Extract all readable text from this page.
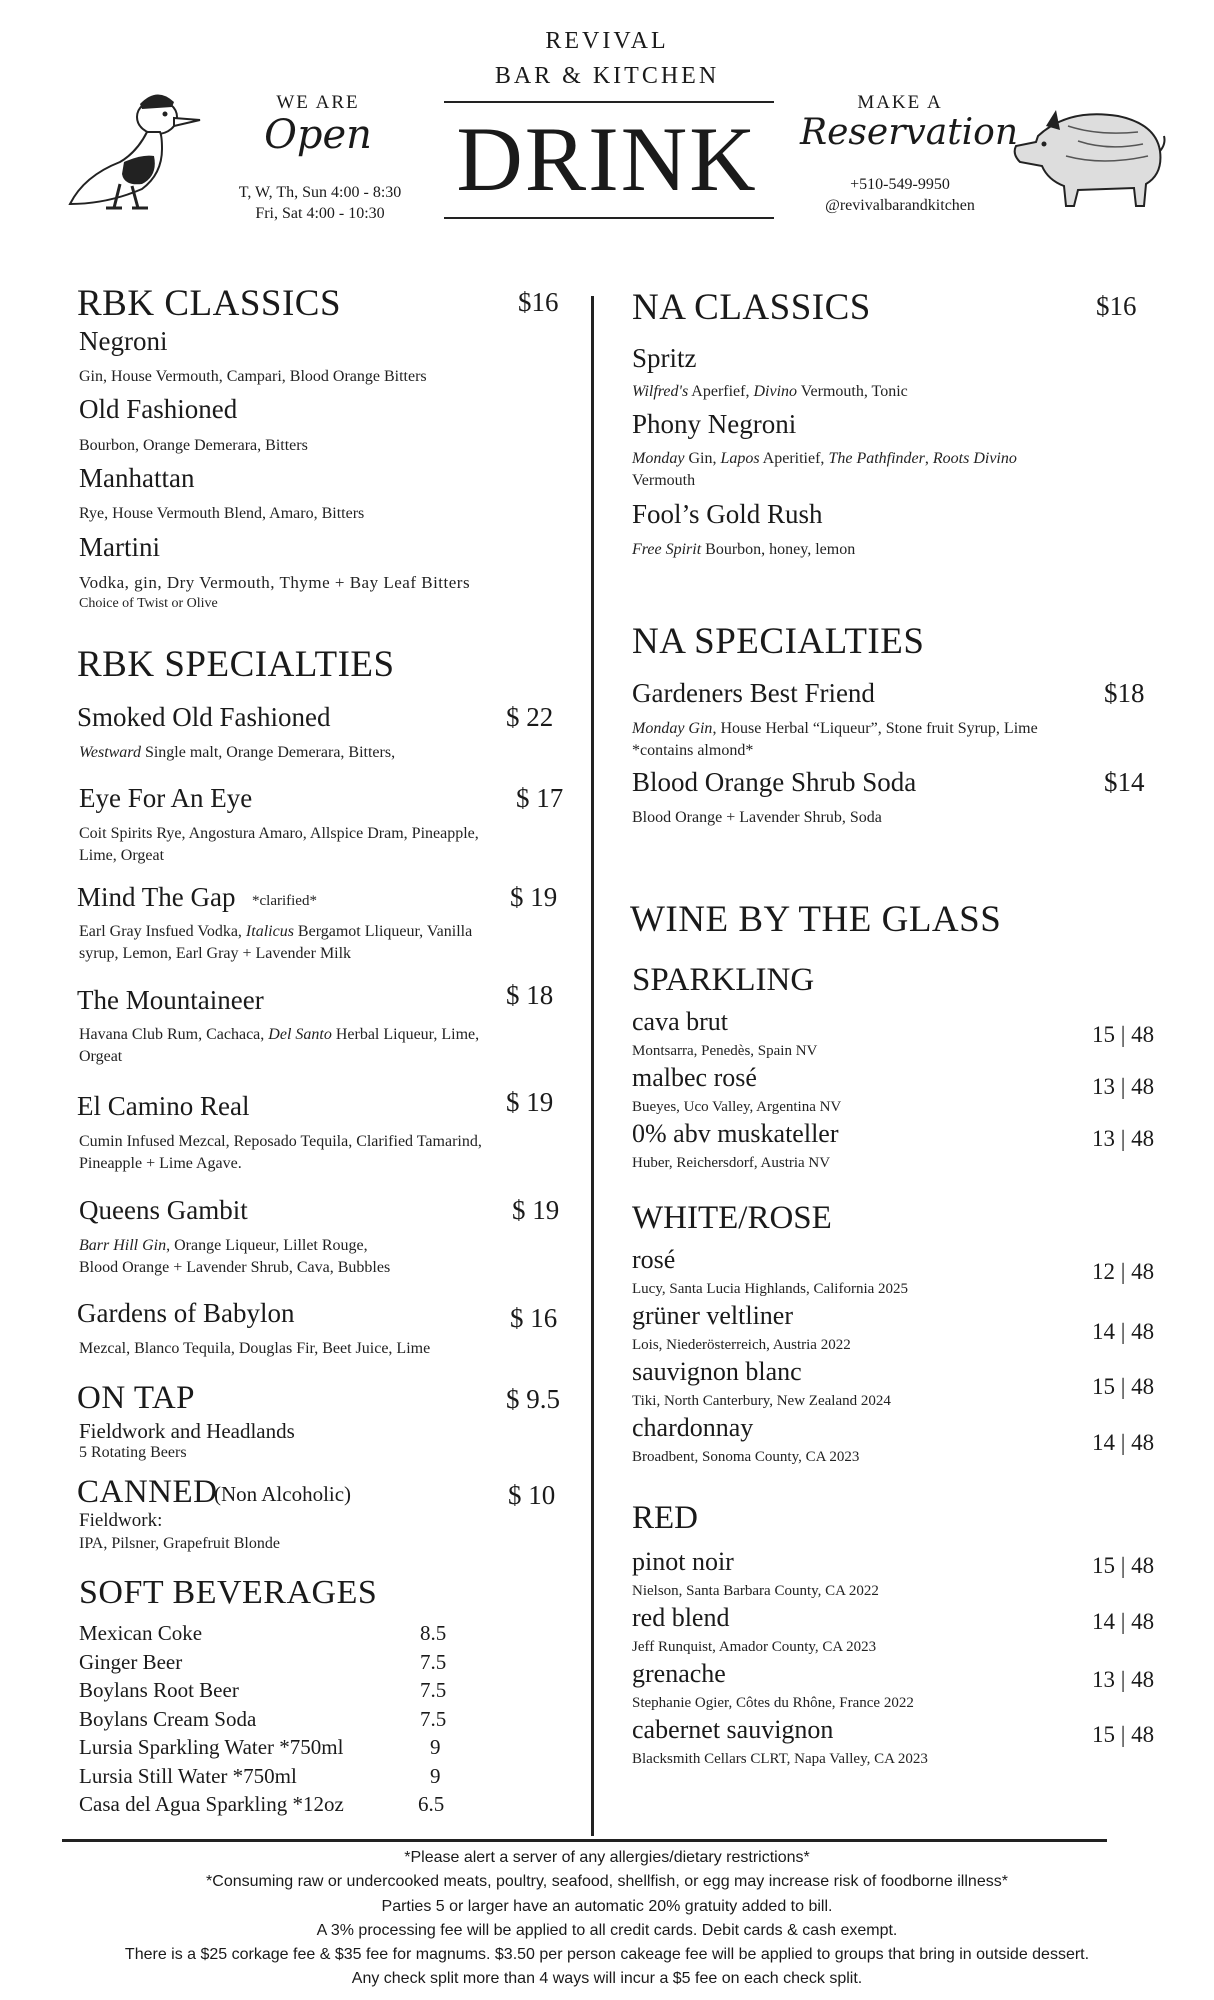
WE ARE
Open
T, W, Th, Sun 4:00 - 8:30
Fri, Sat 4:00 - 10:30
REVIVAL
BAR & KITCHEN
DRINK
MAKE A
Reservation
+510-549-9950
@revivalbarandkitchen
RBK CLASSICS	$16
Negroni
Gin, House Vermouth, Campari, Blood Orange Bitters
Old Fashioned
Bourbon, Orange Demerara, Bitters
Manhattan
Rye, House Vermouth Blend, Amaro, Bitters
Martini
Vodka, gin, Dry Vermouth, Thyme + Bay Leaf Bitters
Choice of Twist or Olive
RBK SPECIALTIES
Smoked Old Fashioned	$ 22
Westward Single malt, Orange Demerara, Bitters,
Eye For An Eye	$ 17
Coit Spirits Rye, Angostura Amaro, Allspice Dram, Pineapple,
Lime, Orgeat
Mind The Gap *clarified*	$ 19
Earl Gray Insfued Vodka, Italicus Bergamot Lliqueur, Vanilla
syrup, Lemon, Earl Gray + Lavender Milk
The Mountaineer	$ 18
Havana Club Rum, Cachaca, Del Santo Herbal Liqueur, Lime,
Orgeat
El Camino Real	$ 19
Cumin Infused Mezcal, Reposado Tequila, Clarified Tamarind,
Pineapple + Lime Agave.
Queens Gambit	$ 19
Barr Hill Gin, Orange Liqueur, Lillet Rouge,
Blood Orange + Lavender Shrub, Cava, Bubbles
Gardens of Babylon	$ 16
Mezcal, Blanco Tequila, Douglas Fir, Beet Juice, Lime
ON TAP	$ 9.5
Fieldwork and Headlands
5 Rotating Beers
CANNED
(Non Alcoholic)	$ 10
Fieldwork:
IPA, Pilsner, Grapefruit Blonde
SOFT BEVERAGES
Mexican Coke	8.5
Ginger Beer	7.5
Boylans Root Beer	7.5
Boylans Cream Soda	7.5
Lursia Sparkling Water *750ml	9
Lursia Still Water *750ml	9
Casa del Agua Sparkling *12oz	6.5
NA CLASSICS	$16
Spritz
Wilfred's Aperfief, Divino Vermouth, Tonic
Phony Negroni
Monday Gin, Lapos Aperitief, The Pathfinder, Roots Divino
Vermouth
Fool’s Gold Rush
Free Spirit Bourbon, honey, lemon
NA SPECIALTIES
Gardeners Best Friend	$18
Monday Gin, House Herbal “Liqueur”, Stone fruit Syrup, Lime
*contains almond*
Blood Orange Shrub Soda	$14
Blood Orange + Lavender Shrub, Soda
WINE BY THE GLASS
SPARKLING
cava brut
Montsarra, Penedès, Spain NV
15 | 48
malbec rosé
Bueyes, Uco Valley, Argentina NV
13 | 48
0% abv muskateller
Huber, Reichersdorf, Austria NV
13 | 48
WHITE/ROSE
rosé
Lucy, Santa Lucia Highlands, California 2025
12 | 48
grüner veltliner
Lois, Niederösterreich, Austria 2022
14 | 48
sauvignon blanc
Tiki, North Canterbury, New Zealand 2024
15 | 48
chardonnay
Broadbent, Sonoma County, CA 2023
14 | 48
RED
pinot noir
Nielson, Santa Barbara County, CA 2022
15 | 48
red blend
Jeff Runquist, Amador County, CA 2023
14 | 48
grenache
Stephanie Ogier, Côtes du Rhône, France 2022
13 | 48
cabernet sauvignon
Blacksmith Cellars CLRT, Napa Valley, CA 2023
15 | 48
*Please alert a server of any allergies/dietary restrictions*
*Consuming raw or undercooked meats, poultry, seafood, shellfish, or egg may increase risk of foodborne illness*
Parties 5 or larger have an automatic 20% gratuity added to bill.
A 3% processing fee will be applied to all credit cards. Debit cards & cash exempt.
There is a $25 corkage fee & $35 fee for magnums. $3.50 per person cakeage fee will be applied to groups that bring in outside dessert.
Any check split more than 4 ways will incur a $5 fee on each check split.
